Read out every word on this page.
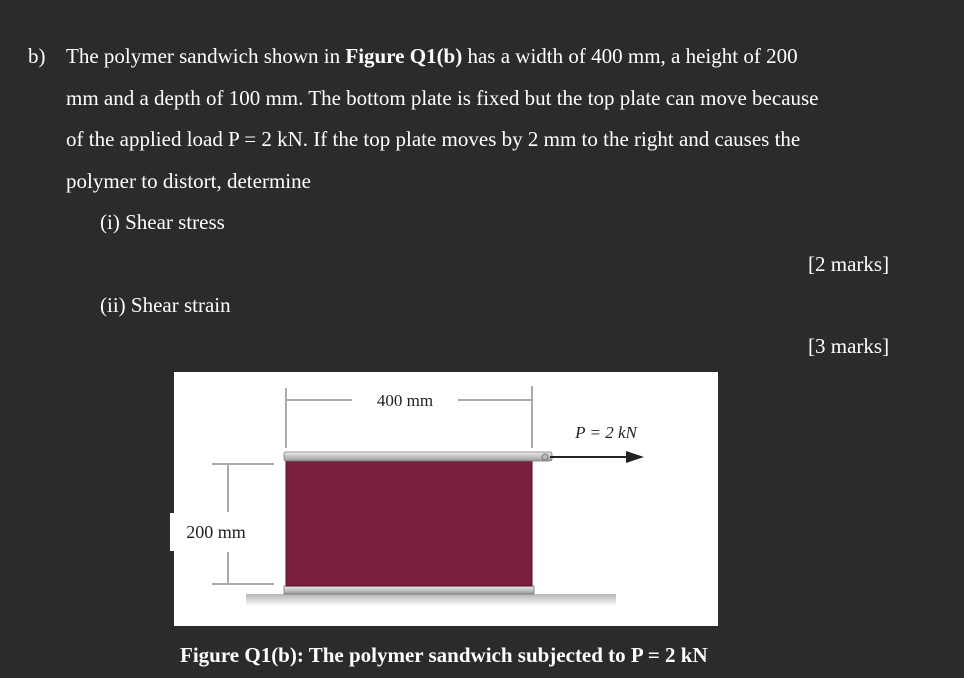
b) The polymer sandwich shown in Figure Q1(b) has a width of 400 mm, a height of 200
mm and a depth of 100 mm. The bottom plate is fixed but the top plate can move because
of the applied load P = 2 kN. If the top plate moves by 2 mm to the right and causes the
polymer to distort, determine
(i) Shear stress
[2 marks]
(ii) Shear strain
[3 marks]
400 mm
P = 2 kN
200 mm
Figure Q1(b): The polymer sandwich subjected to P = 2 kN
